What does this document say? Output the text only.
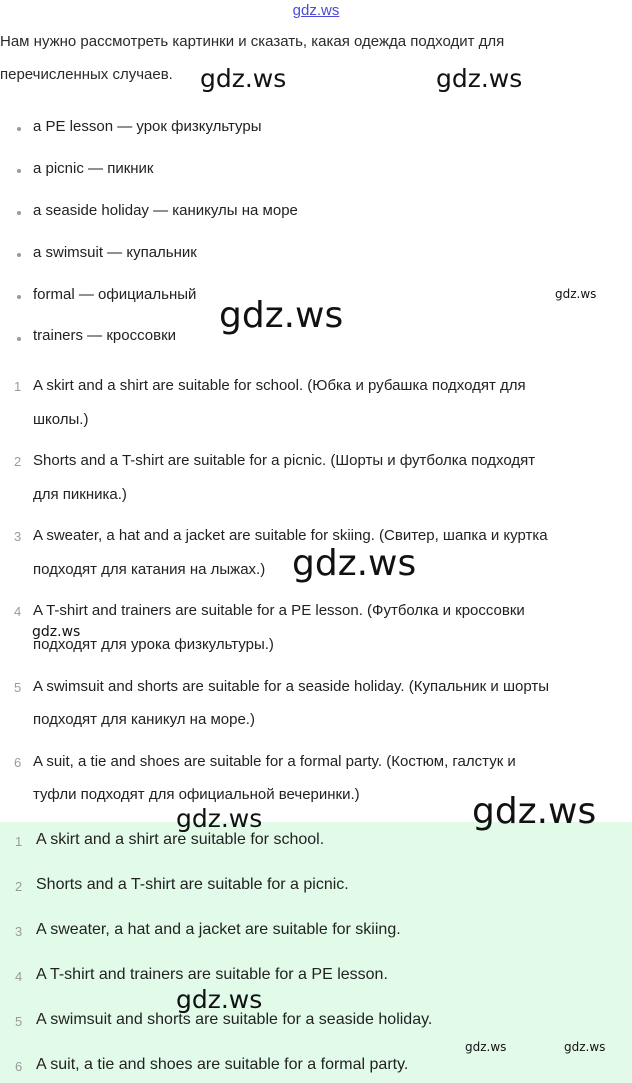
gdz.ws
Нам нужно рассмотреть картинки и сказать, какая одежда подходит для
перечисленных случаев.
a PE lesson — урок физкультуры
a picnic — пикник
a seaside holiday — каникулы на море
a swimsuit — купальник
formal — официальный
trainers — кроссовки
1 A skirt and a shirt are suitable for school. (Юбка и рубашка подходят для
школы.)
2 Shorts and a T-shirt are suitable for a picnic. (Шорты и футболка подходят
для пикника.)
3 A sweater, a hat and a jacket are suitable for skiing. (Свитер, шапка и куртка
подходят для катания на лыжах.)
4 A T-shirt and trainers are suitable for a PE lesson. (Футболка и кроссовки
подходят для урока физкультуры.)
5 A swimsuit and shorts are suitable for a seaside holiday. (Купальник и шорты
подходят для каникул на море.)
6 A suit, a tie and shoes are suitable for a formal party. (Костюм, галстук и
туфли подходят для официальной вечеринки.)
1 A skirt and a shirt are suitable for school.
2 Shorts and a T-shirt are suitable for a picnic.
3 A sweater, a hat and a jacket are suitable for skiing.
4 A T-shirt and trainers are suitable for a PE lesson.
5 A swimsuit and shorts are suitable for a seaside holiday.
6 A suit, a tie and shoes are suitable for a formal party.
gdz.ws	gdz.ws
gdz.ws
gdz.ws
gdz.ws
gdz.ws
gdz.ws
gdz.ws
gdz.ws
gdz.ws	gdz.ws
